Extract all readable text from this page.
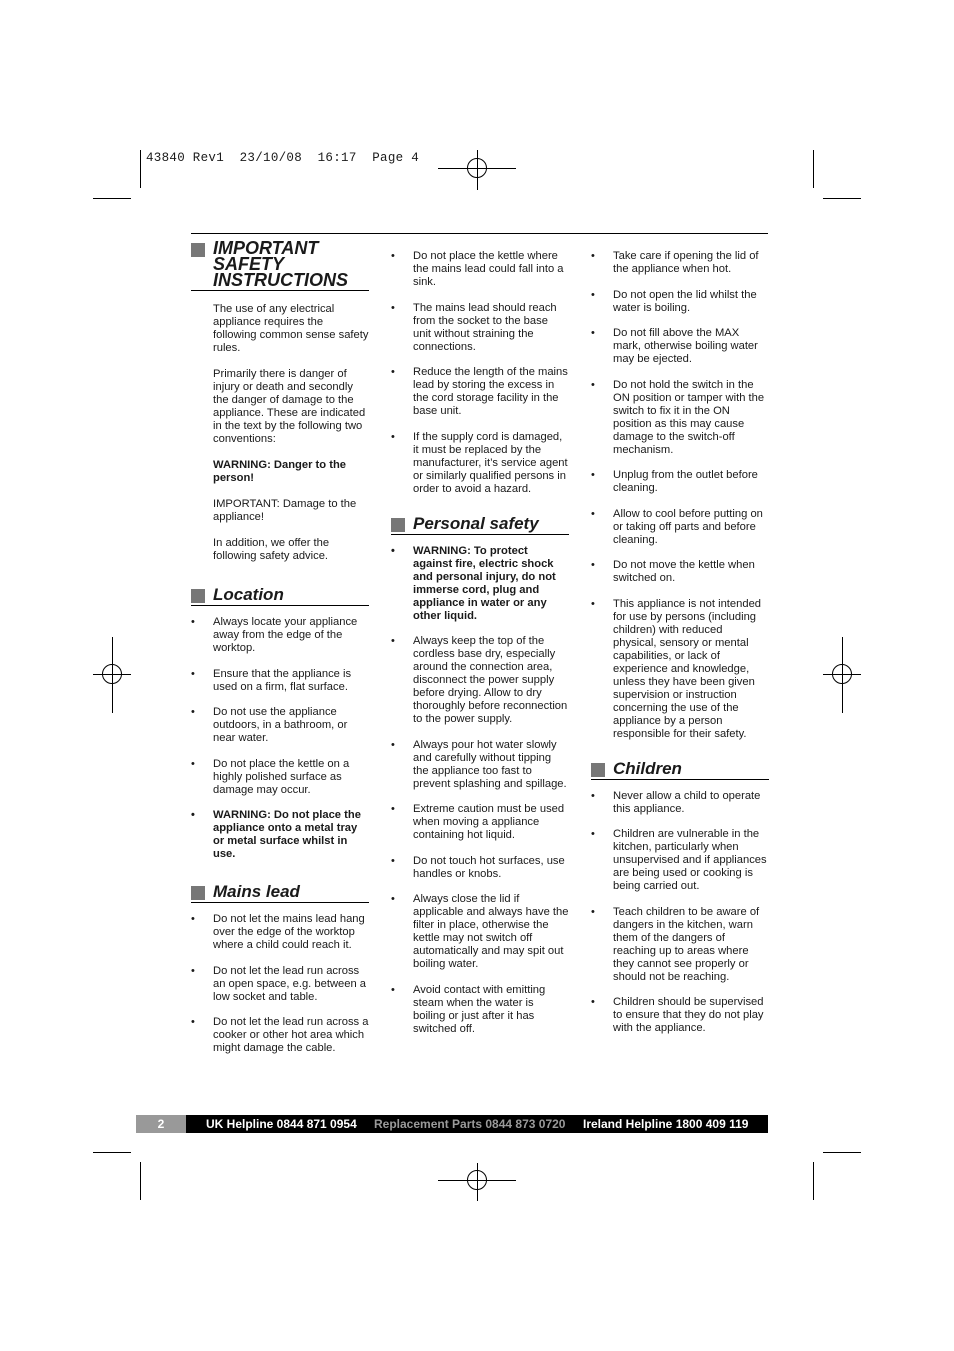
43840 Rev1  23/10/08  16:17  Page 4
IMPORTANT SAFETY INSTRUCTIONS

The use of any electrical appliance requires the following common sense safety rules.

Primarily there is danger of injury or death and secondly the danger of damage to the appliance. These are indicated in the text by the following two conventions:

WARNING: Danger to the person!

IMPORTANT: Damage to the appliance!

In addition, we offer the following safety advice.

Location
• Always locate your appliance away from the edge of the worktop.
• Ensure that the appliance is used on a firm, flat surface.
• Do not use the appliance outdoors, in a bathroom, or near water.
• Do not place the kettle on a highly polished surface as damage may occur.
• WARNING: Do not place the appliance onto a metal tray or metal surface whilst in use.
Mains lead
• Do not let the mains lead hang over the edge of the worktop where a child could reach it.
• Do not let the lead run across an open space, e.g. between a low socket and table.
• Do not let the lead run across a cooker or other hot area which might damage the cable.
• Do not place the kettle where the mains lead could fall into a sink.
• The mains lead should reach from the socket to the base unit without straining the connections.
• Reduce the length of the mains lead by storing the excess in the cord storage facility in the base unit.
• If the supply cord is damaged, it must be replaced by the manufacturer, it’s service agent or similarly qualified persons in order to avoid a hazard.
Personal safety
• WARNING: To protect against fire, electric shock and personal injury, do not immerse cord, plug and appliance in water or any other liquid.
• Always keep the top of the cordless base dry, especially around the connection area, disconnect the power supply before drying. Allow to dry thoroughly before reconnection to the power supply.
• Always pour hot water slowly and carefully without tipping the appliance too fast to prevent splashing and spillage.
• Extreme caution must be used when moving a appliance containing hot liquid.
• Do not touch hot surfaces, use handles or knobs.
• Always close the lid if applicable and always have the filter in place, otherwise the kettle may not switch off automatically and may spit out boiling water.
• Avoid contact with emitting steam when the water is boiling or just after it has switched off.
• Take care if opening the lid of the appliance when hot.
• Do not open the lid whilst the water is boiling.
• Do not fill above the MAX mark, otherwise boiling water may be ejected.
• Do not hold the switch in the ON position or tamper with the switch to fix it in the ON position as this may cause damage to the switch-off mechanism.
• Unplug from the outlet before cleaning.
• Allow to cool before putting on or taking off parts and before cleaning.
• Do not move the kettle when switched on.
• This appliance is not intended for use by persons (including children) with reduced physical, sensory or mental capabilities, or lack of experience and knowledge, unless they have been given supervision or instruction concerning the use of the appliance by a person responsible for their safety.
Children
• Never allow a child to operate this appliance.
• Children are vulnerable in the kitchen, particularly when unsupervised and if appliances are being used or cooking is being carried out.
• Teach children to be aware of dangers in the kitchen, warn them of the dangers of reaching up to areas where they cannot see properly or should not be reaching.
• Children should be supervised to ensure that they do not play with the appliance.
2	UK Helpline 0844 871 0954 Replacement Parts 0844 873 0720 Ireland Helpline 1800 409 119
